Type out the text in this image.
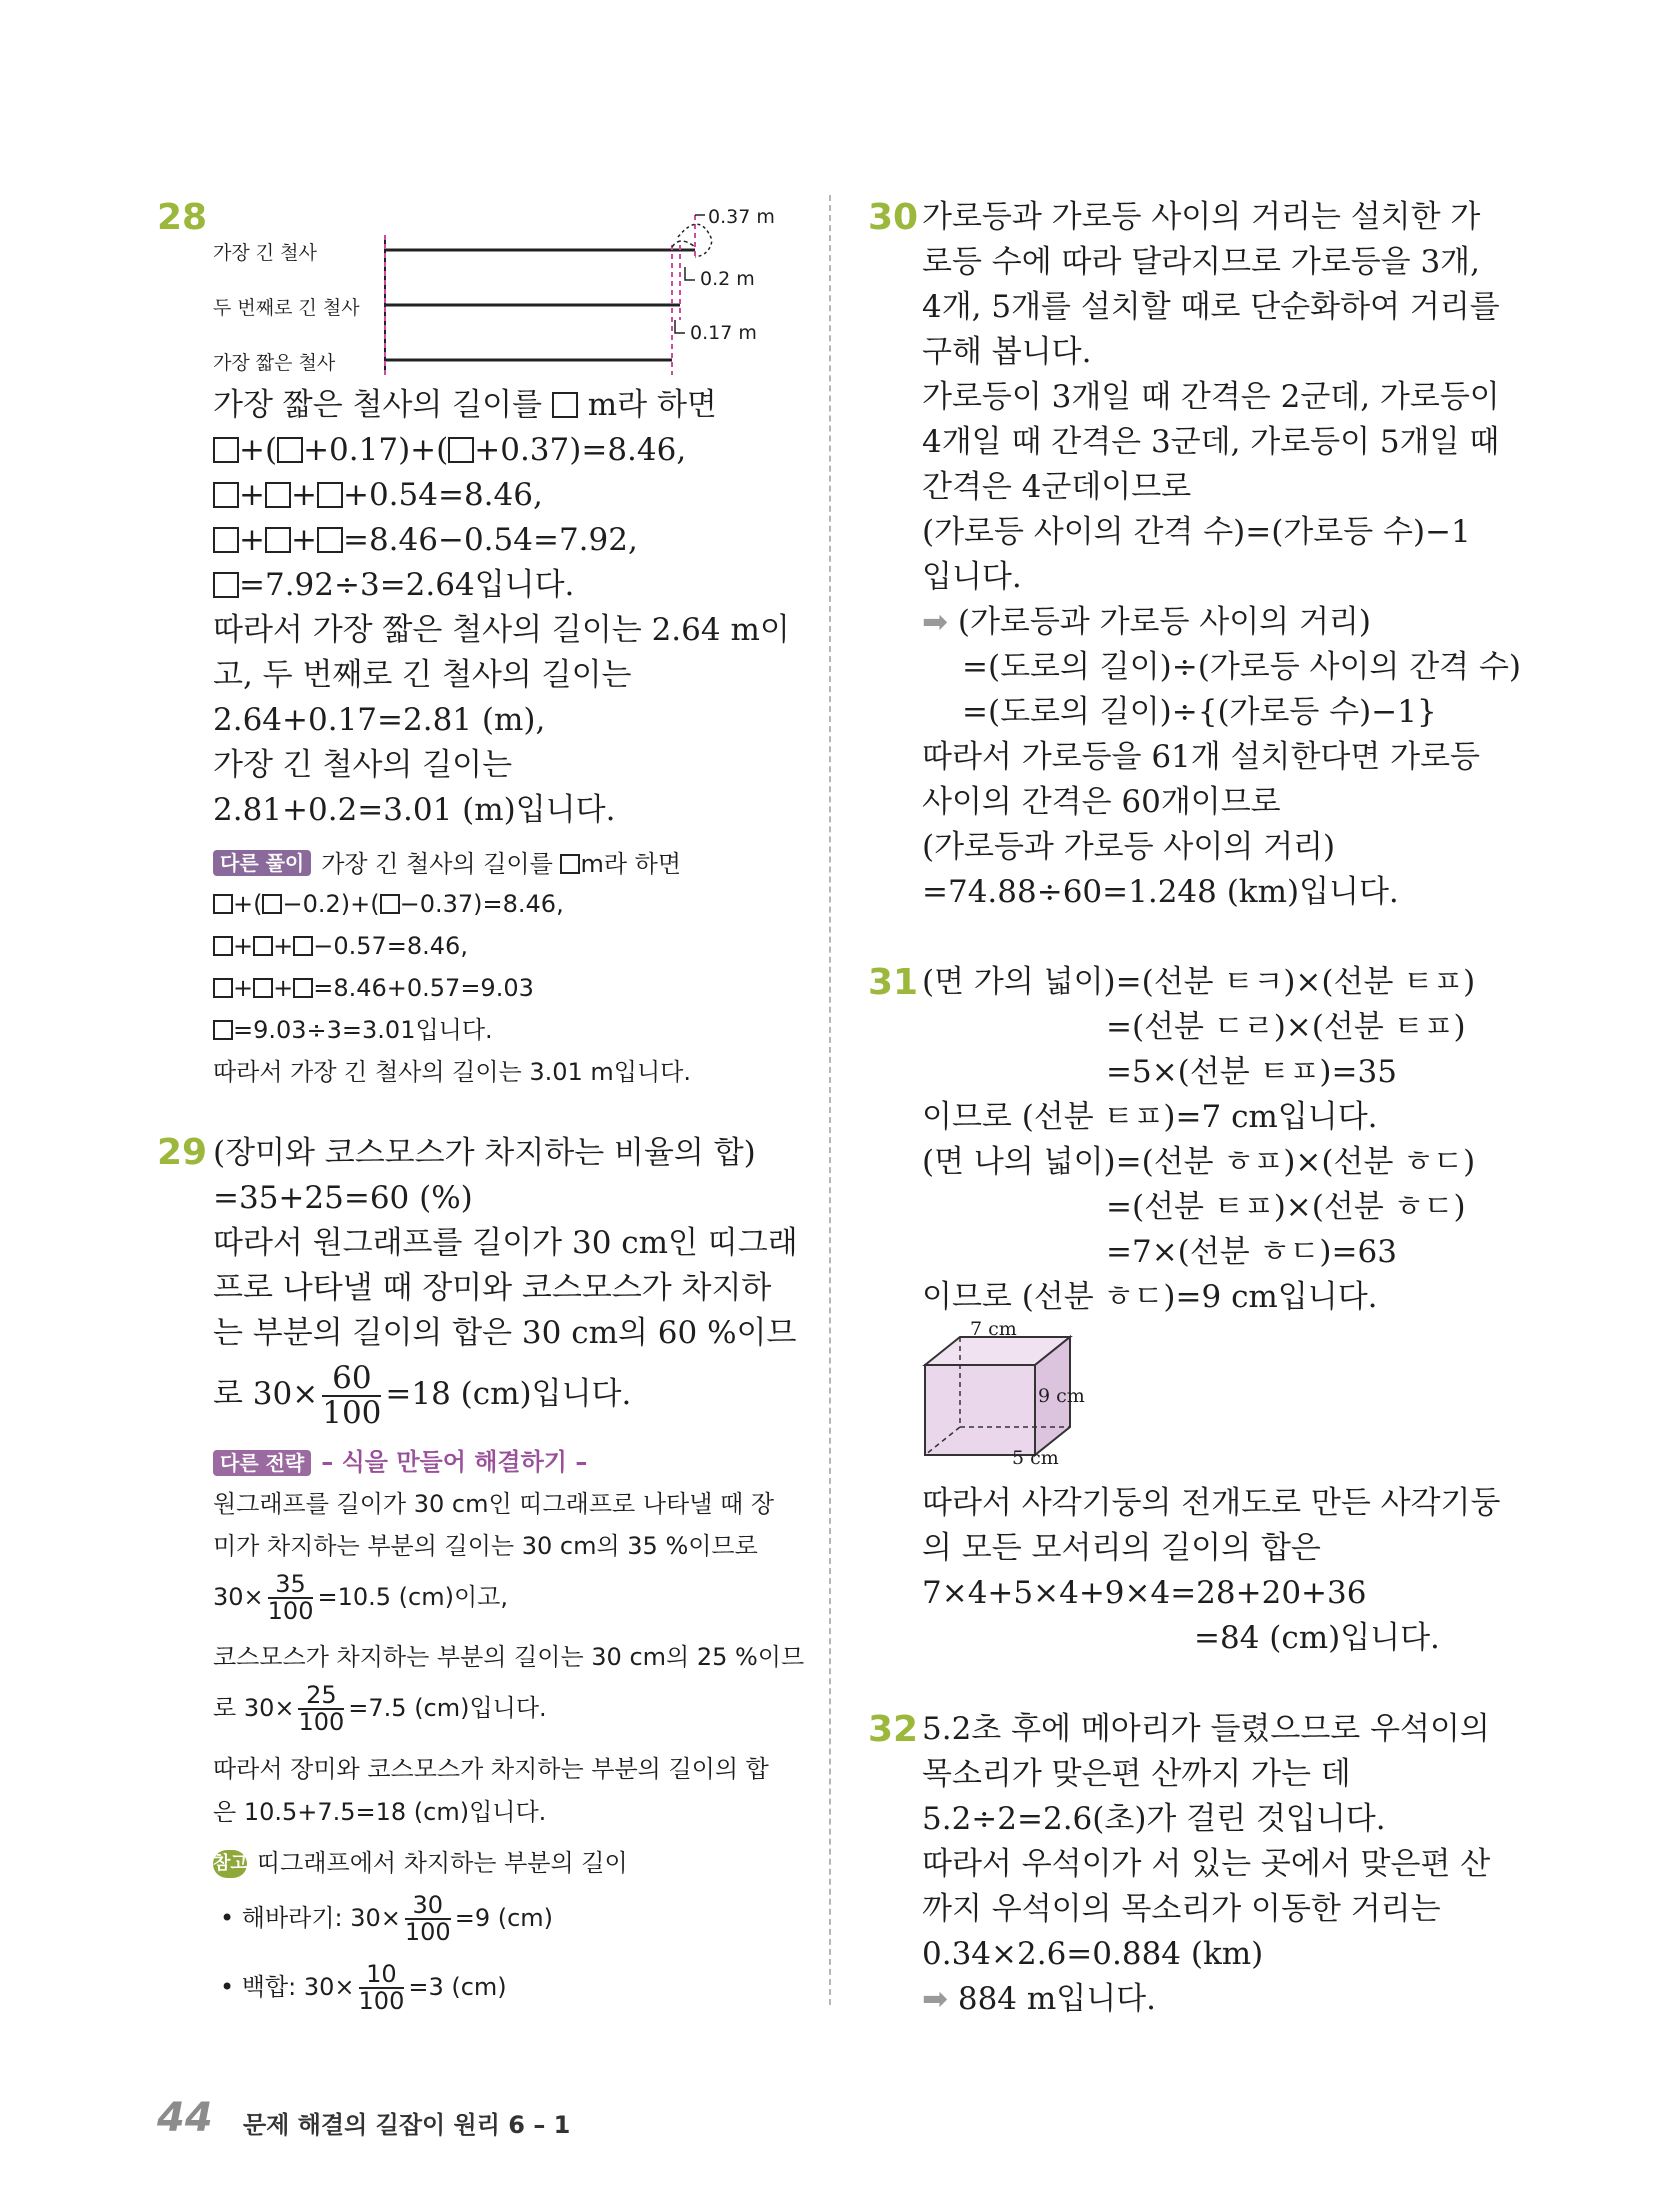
28
가장 긴 철사
두 번째로 긴 철사
가장 짧은 철사
0.37 m
0.2 m
0.17 m
가장 짧은 철사의 길이를 m라 하면
+( +0.17)+( +0.37)=8.46,
+ + +0.54=8.46,
+ + =8.46−0.54=7.92,
=7.92÷3=2.64입니다.
따라서 가장 짧은 철사의 길이는 2.64 m이
고, 두 번째로 긴 철사의 길이는
2.64+0.17=2.81 (m),
가장 긴 철사의 길이는
2.81+0.2=3.01 (m)입니다.
다른 풀이 가장 긴 철사의 길이를 m라 하면
+( −0.2)+( −0.37)=8.46,
+ + −0.57=8.46,
+ + =8.46+0.57=9.03
=9.03÷3=3.01입니다.
따라서 가장 긴 철사의 길이는 3.01 m입니다.
29 (장미와 코스모스가 차지하는 비율의 합)
=35+25=60 (%)
따라서 원그래프를 길이가 30 cm인 띠그래
프로 나타낼 때 장미와 코스모스가 차지하
는 부분의 길이의 합은 30 cm의 60 %이므
로 $30\times \frac{60}{100} =18$ (cm)입니다.
다른 전략 – 식을 만들어 해결하기 –
원그래프를 길이가 30 cm인 띠그래프로 나타낼 때 장
미가 차지하는 부분의 길이는 30 cm의 35 %이므로
$30\times \frac{35}{100} =10.5$ (cm)이고,
코스모스가 차지하는 부분의 길이는 30 cm의 25 %이므
로 $30\times \frac{25}{100} =7.5$ (cm)입니다.
따라서 장미와 코스모스가 차지하는 부분의 길이의 합
은 10.5+7.5=18 (cm)입니다.
참고 띠그래프에서 차지하는 부분의 길이
• 해바라기: $30\times \frac{30}{100} =9$ (cm)
• 백합: $30\times \frac{10}{100} =3$ (cm)
30 가로등과 가로등 사이의 거리는 설치한 가
로등 수에 따라 달라지므로 가로등을 3개,
4개, 5개를 설치할 때로 단순화하여 거리를
구해 봅니다.
가로등이 3개일 때 간격은 2군데, 가로등이
4개일 때 간격은 3군데, 가로등이 5개일 때
간격은 4군데이므로
(가로등 사이의 간격 수)=(가로등 수)−1
입니다.
➡ (가로등과 가로등 사이의 거리)
=(도로의 길이)÷(가로등 사이의 간격 수)
=(도로의 길이)÷{(가로등 수)−1}
따라서 가로등을 61개 설치한다면 가로등
사이의 간격은 60개이므로
(가로등과 가로등 사이의 거리)
=74.88÷60=1.248 (km)입니다.
31 (면 가의 넓이)=(선분 ㅌㅋ)×(선분 ㅌㅍ)
=(선분 ㄷㄹ)×(선분 ㅌㅍ)
=5×(선분 ㅌㅍ)=35
이므로 (선분 ㅌㅍ)=7 cm입니다.
(면 나의 넓이)=(선분 ㅎㅍ)×(선분 ㅎㄷ)
=(선분 ㅌㅍ)×(선분 ㅎㄷ)
=7×(선분 ㅎㄷ)=63
이므로 (선분 ㅎㄷ)=9 cm입니다.
7 cm
9 cm
5 cm
따라서 사각기둥의 전개도로 만든 사각기둥
의 모든 모서리의 길이의 합은
7×4+5×4+9×4=28+20+36
=84 (cm)입니다.
32 5.2초 후에 메아리가 들렸으므로 우석이의
목소리가 맞은편 산까지 가는 데
5.2÷2=2.6(초)가 걸린 것입니다.
따라서 우석이가 서 있는 곳에서 맞은편 산
까지 우석이의 목소리가 이동한 거리는
0.34×2.6=0.884 (km)
➡ 884 m입니다.
44 문제 해결의 길잡이 원리 6 – 1
